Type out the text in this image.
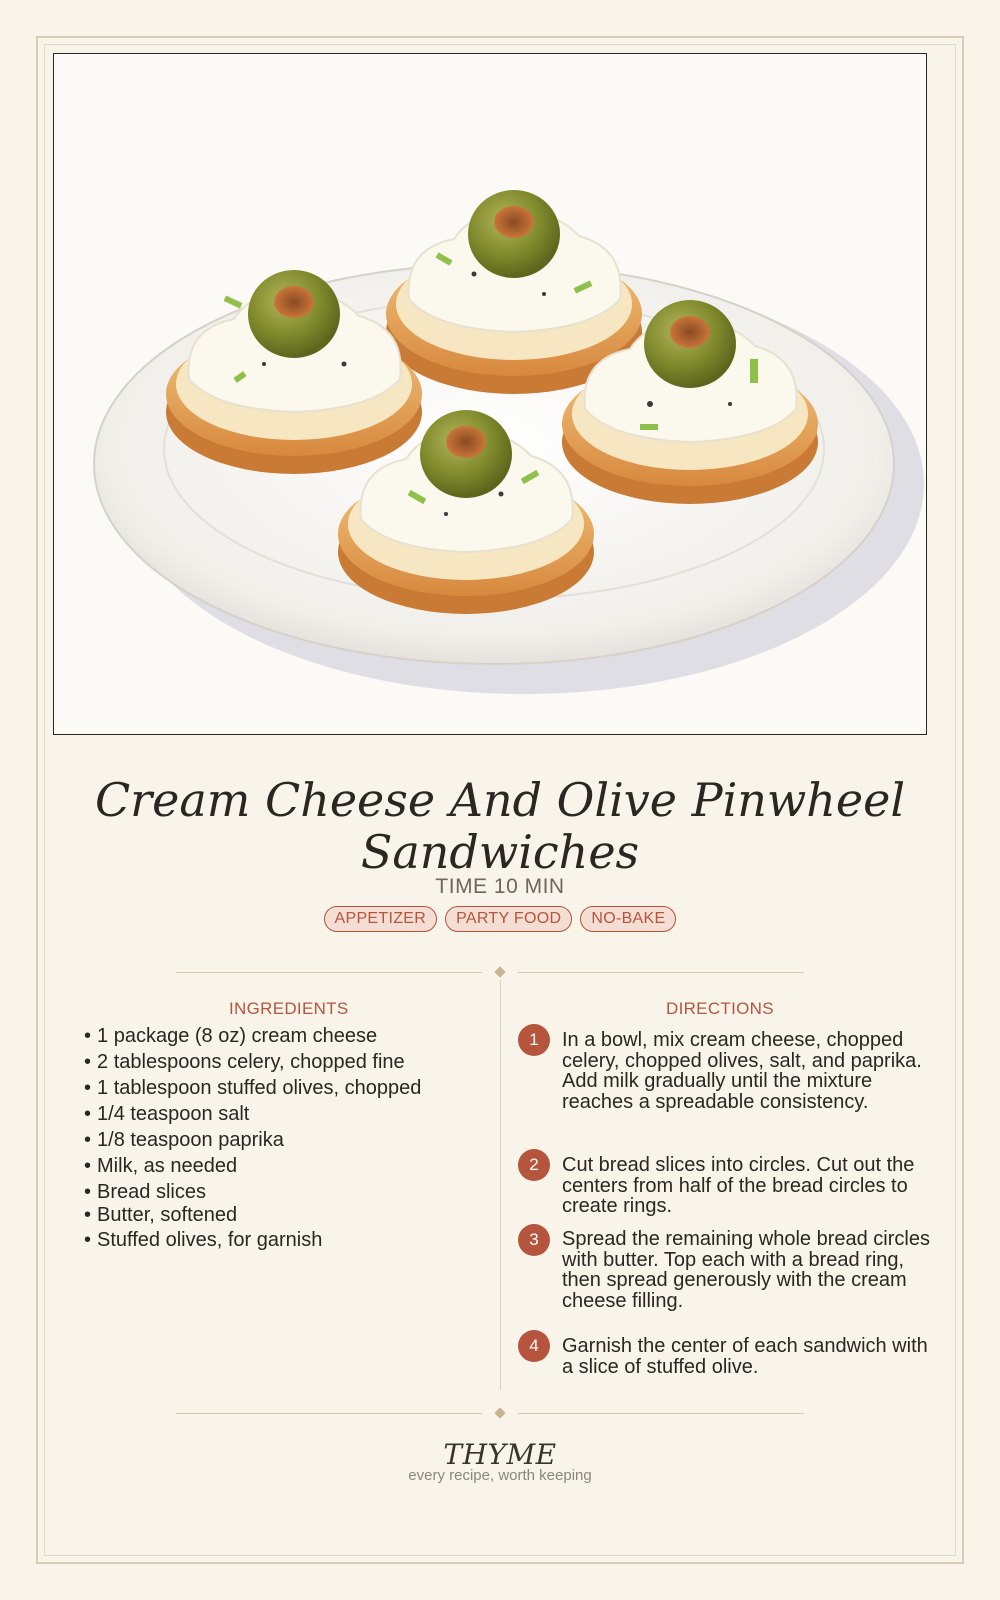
Cream Cheese And Olive Pinwheel Sandwiches
TIME 10 MIN
APPETIZER	PARTY FOOD	NO-BAKE
INGREDIENTS	DIRECTIONS
• 1 package (8 oz) cream cheese
• 2 tablespoons celery, chopped fine
• 1 tablespoon stuffed olives, chopped
• 1/4 teaspoon salt
• 1/8 teaspoon paprika
• Milk, as needed
• Bread slices
• Butter, softened
• Stuffed olives, for garnish
1	In a bowl, mix cream cheese, chopped celery, chopped olives, salt, and paprika. Add milk gradually until the mixture reaches a spreadable consistency.
2	Cut bread slices into circles. Cut out the centers from half of the bread circles to create rings.
3	Spread the remaining whole bread circles with butter. Top each with a bread ring, then spread generously with the cream cheese filling.
4	Garnish the center of each sandwich with a slice of stuffed olive.
THYME
every recipe, worth keeping
